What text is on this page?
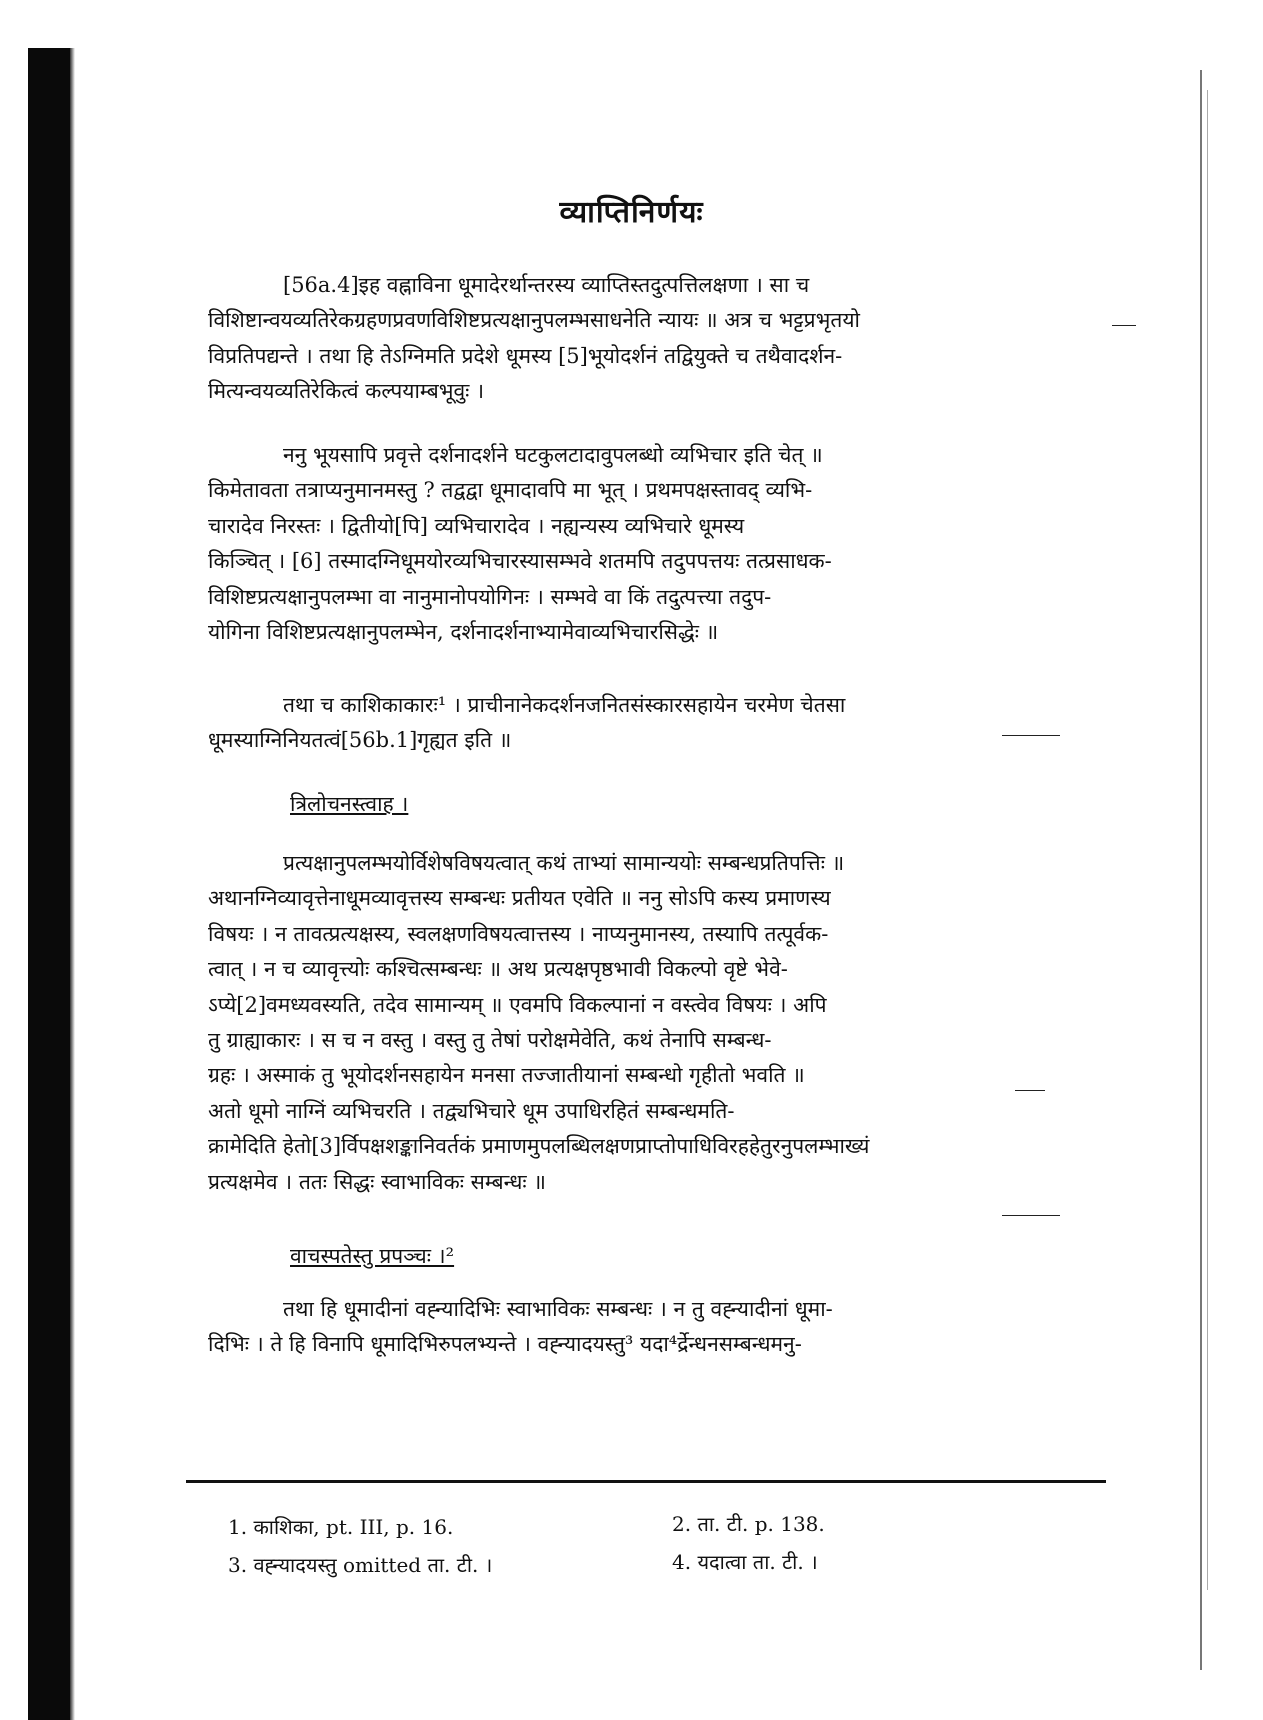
व्याप्तिनिर्णयः
[56a.4]इह वह्नाविना धूमादेरर्थान्तरस्य व्याप्तिस्तदुत्पत्तिलक्षणा । सा च
विशिष्टान्वयव्यतिरेकग्रहणप्रवणविशिष्टप्रत्यक्षानुपलम्भसाधनेति न्यायः ॥ अत्र च भट्टप्रभृतयो
विप्रतिपद्यन्ते । तथा हि तेऽग्निमति प्रदेशे धूमस्य [5]भूयोदर्शनं तद्वियुक्ते च तथैवादर्शन-
मित्यन्वयव्यतिरेकित्वं कल्पयाम्बभूवुः ।
ननु भूयसापि प्रवृत्ते दर्शनादर्शने घटकुलटादावुपलब्धो व्यभिचार इति चेत् ॥
किमेतावता तत्राप्यनुमानमस्तु ? तद्वद्वा धूमादावपि मा भूत् । प्रथमपक्षस्तावद् व्यभि-
चारादेव निरस्तः । द्वितीयो[पि] व्यभिचारादेव । नह्यन्यस्य व्यभिचारे धूमस्य
किञ्चित् । [6] तस्मादग्निधूमयोरव्यभिचारस्यासम्भवे शतमपि तदुपपत्तयः तत्प्रसाधक-
विशिष्टप्रत्यक्षानुपलम्भा वा नानुमानोपयोगिनः । सम्भवे वा किं तदुत्पत्त्या तदुप-
योगिना विशिष्टप्रत्यक्षानुपलम्भेन, दर्शनादर्शनाभ्यामेवाव्यभिचारसिद्धेः ॥
तथा च काशिकाकारः¹ । प्राचीनानेकदर्शनजनितसंस्कारसहायेन चरमेण चेतसा
धूमस्याग्निनियतत्वं[56b.1]गृह्यत इति ॥
त्रिलोचनस्त्वाह ।
प्रत्यक्षानुपलम्भयोर्विशेषविषयत्वात् कथं ताभ्यां सामान्ययोः सम्बन्धप्रतिपत्तिः ॥
अथानग्निव्यावृत्तेनाधूमव्यावृत्तस्य सम्बन्धः प्रतीयत एवेति ॥ ननु सोऽपि कस्य प्रमाणस्य
विषयः । न तावत्प्रत्यक्षस्य, स्वलक्षणविषयत्वात्तस्य । नाप्यनुमानस्य, तस्यापि तत्पूर्वक-
त्वात् । न च व्यावृत्त्योः कश्चित्सम्बन्धः ॥ अथ प्रत्यक्षपृष्ठभावी विकल्पो वृष्टे भेवे-
ऽप्ये[2]वमध्यवस्यति, तदेव सामान्यम् ॥ एवमपि विकल्पानां न वस्त्वेव विषयः । अपि
तु ग्राह्याकारः । स च न वस्तु । वस्तु तु तेषां परोक्षमेवेति, कथं तेनापि सम्बन्ध-
ग्रहः । अस्माकं तु भूयोदर्शनसहायेन मनसा तज्जातीयानां सम्बन्धो गृहीतो भवति ॥
अतो धूमो नाग्निं व्यभिचरति । तद्व्यभिचारे धूम उपाधिरहितं सम्बन्धमति-
क्रामेदिति हेतो[3]र्विपक्षशङ्कानिवर्तकं प्रमाणमुपलब्धिलक्षणप्राप्तोपाधिविरहहेतुरनुपलम्भाख्यं
प्रत्यक्षमेव । ततः सिद्धः स्वाभाविकः सम्बन्धः ॥
वाचस्पतेस्तु प्रपञ्चः ।²
तथा हि धूमादीनां वह्न्यादिभिः स्वाभाविकः सम्बन्धः । न तु वह्न्यादीनां धूमा-
दिभिः । ते हि विनापि धूमादिभिरुपलभ्यन्ते । वह्न्यादयस्तु³ यदा⁴र्द्रेन्धनसम्बन्धमनु-
1. काशिका, pt. III, p. 16.	2. ता. टी. p. 138.
3. वह्न्यादयस्तु omitted ता. टी. ।	4. यदात्वा ता. टी. ।
